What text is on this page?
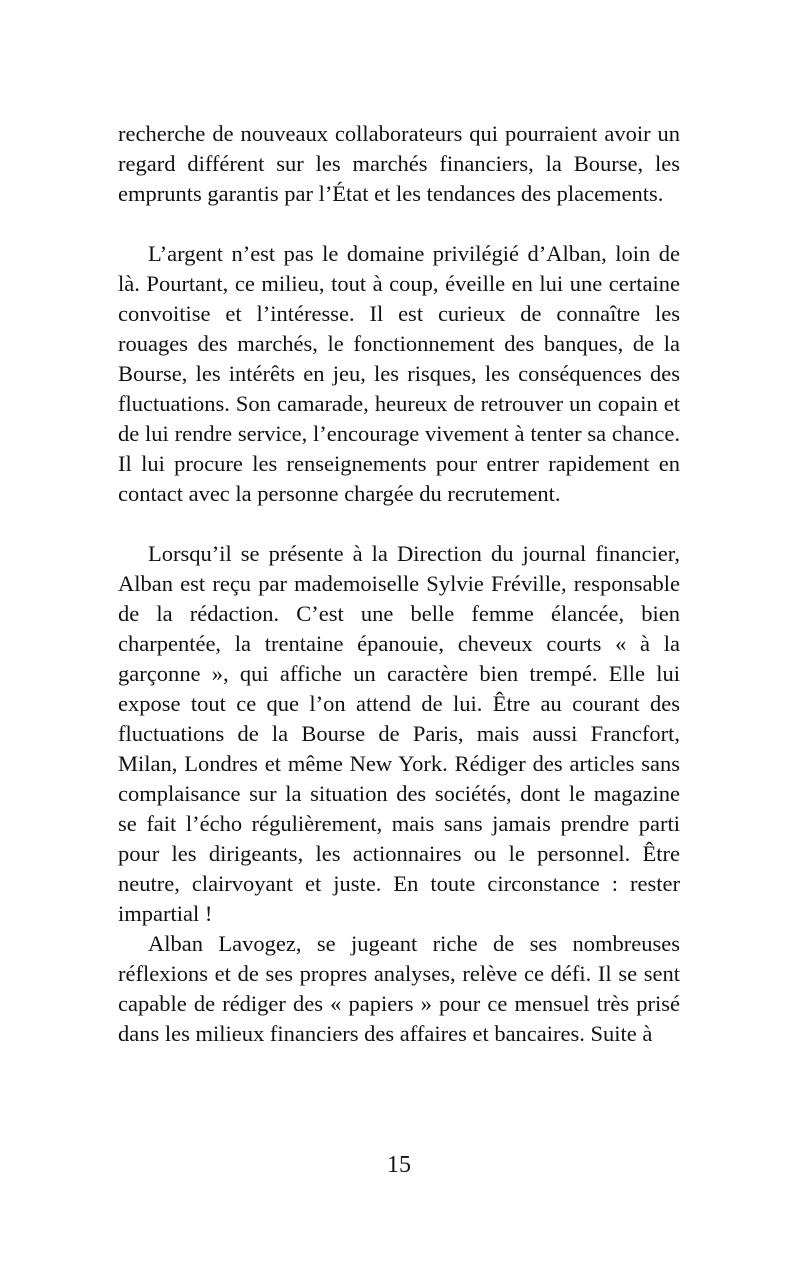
recherche de nouveaux collaborateurs qui pourraient avoir un regard différent sur les marchés financiers, la Bourse, les emprunts garantis par l’État et les tendances des placements.

L’argent n’est pas le domaine privilégié d’Alban, loin de là. Pourtant, ce milieu, tout à coup, éveille en lui une certaine convoitise et l’intéresse. Il est curieux de connaître les rouages des marchés, le fonctionnement des banques, de la Bourse, les intérêts en jeu, les risques, les conséquences des fluctuations. Son camarade, heureux de retrouver un copain et de lui rendre service, l’encourage vivement à tenter sa chance. Il lui procure les renseignements pour entrer rapidement en contact avec la personne chargée du recrutement.

Lorsqu’il se présente à la Direction du journal financier, Alban est reçu par mademoiselle Sylvie Fréville, responsable de la rédaction. C’est une belle femme élancée, bien charpentée, la trentaine épanouie, cheveux courts « à la garçonne », qui affiche un caractère bien trempé. Elle lui expose tout ce que l’on attend de lui. Être au courant des fluctuations de la Bourse de Paris, mais aussi Francfort, Milan, Londres et même New York. Rédiger des articles sans complaisance sur la situation des sociétés, dont le magazine se fait l’écho régulièrement, mais sans jamais prendre parti pour les dirigeants, les actionnaires ou le personnel. Être neutre, clairvoyant et juste. En toute circonstance : rester impartial !

Alban Lavogez, se jugeant riche de ses nombreuses réflexions et de ses propres analyses, relève ce défi. Il se sent capable de rédiger des « papiers » pour ce mensuel très prisé dans les milieux financiers des affaires et bancaires. Suite à

15
